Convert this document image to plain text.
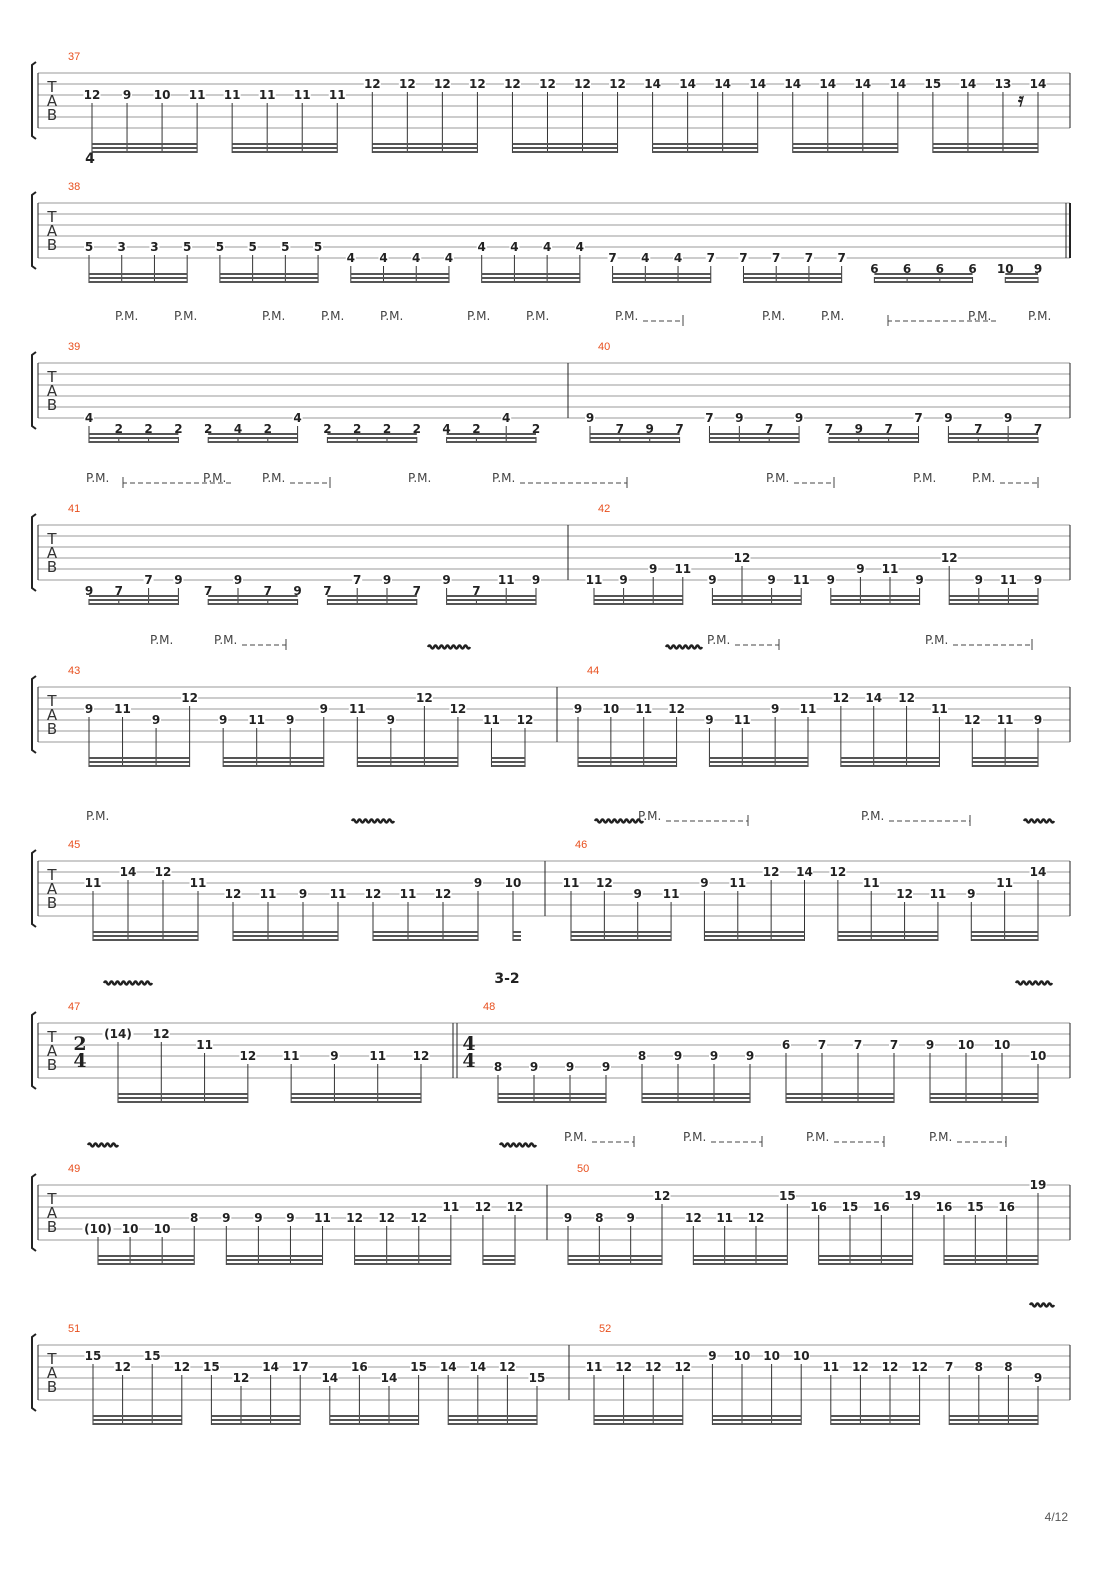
T
A
B
37
12 9 10 11 11 11 11 11
12 12 12 12 12 12 12 12 14 14 14 14 14 14 14 14 15 14 13 14
𝄿
T
A
B
4
38
5 3 3 5 5 5 5 5
4 4 4 4
4 4 4 4
7 4 4 7 7 7 7 7
6 6 6 6 10 9
T
A
B
P.M.	P.M.	P.M.	P.M.	P.M.	P.M.	P.M.	P.M.	P.M.	P.M.	P.M.	P.M.
39
4
2 2 2 2 4 2
4
2 2 2 2 4 2
4
2
40
9
7 9 7
7 9
7
9
7 9 7
7 9
7
9
7
T
A
B
P.M.	P.M.	P.M.	P.M.	P.M.	P.M.	P.M.	P.M.
41
9 7
7 9
7
9
7 9 7
7 9
7
9
7
11 9
42
11 9
9 11
9
12
9 11 9
9 11
9
12
9 11 9
T
A
B
P.M.	P.M.	P.M.	P.M.
43
9 11
9
12
9 11 9
9 11
9
12
12
11 12
44
9 10 11 12
9 11
9 11
12 14 12
11
12 11 9
T
A
B
P.M.	P.M.	P.M.
45
11
14 12
11
12 11 9 11 12 11 12
9 10
46
11 12
9 11
9 11
12 14 12
11
12 11 9
11
14
T
A
B
3-2
47
2
4
(14) 12
11
12 11	9	11 12
48
4
4 8 9 9 9
8 9 9 9
6 7 7 7 9 10 10
10
T
A
B
P.M.	P.M.	P.M.	P.M.
49
(10) 10 10
8 9 9 9 11 12 12 12
11 12 12
50
9 8 9
12
12 11 12
15
16 15 16
19
16 15 16
19
T
A
B
51
15
12
15
12 15
12
14 17
14
16
14
15 14 14 12
15
52
11 12 12 12
9 10 10 10
11 12 12 12 7 8 8
9
4/12
